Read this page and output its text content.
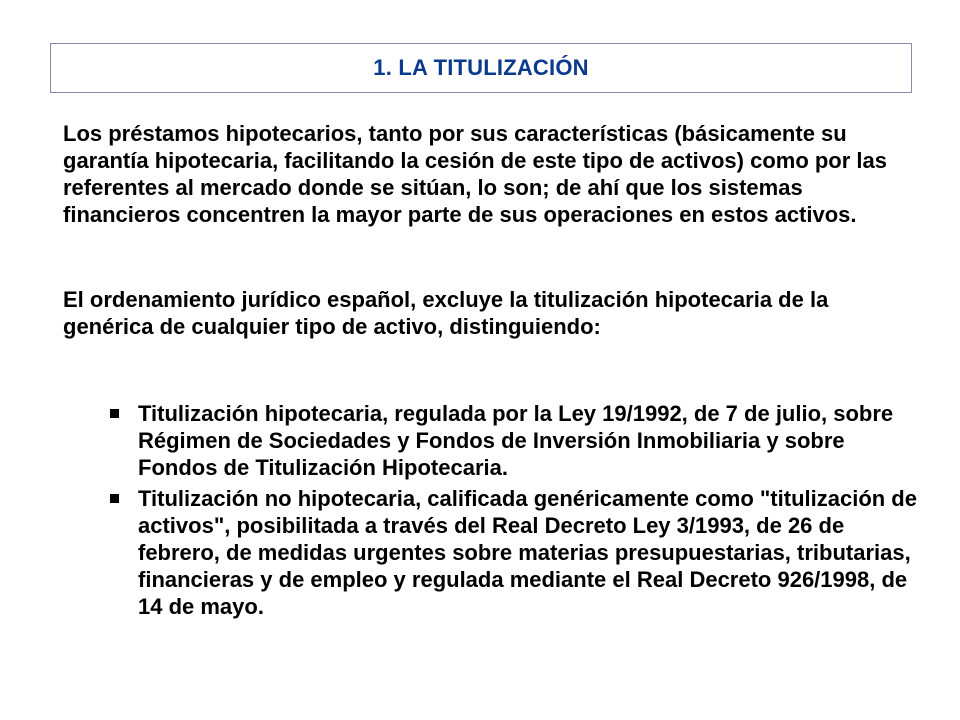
1. LA TITULIZACIÓN

Los préstamos hipotecarios, tanto por sus características (básicamente su garantía hipotecaria, facilitando la cesión de este tipo de activos) como por las referentes al mercado donde se sitúan, lo son; de ahí que los sistemas financieros concentren la mayor parte de sus operaciones en estos activos.

El ordenamiento jurídico español, excluye la titulización hipotecaria de la genérica de cualquier tipo de activo, distinguiendo:

Titulización hipotecaria, regulada por la Ley 19/1992, de 7 de julio, sobre Régimen de Sociedades y Fondos de Inversión Inmobiliaria y sobre Fondos de Titulización Hipotecaria.
Titulización no hipotecaria, calificada genéricamente como "titulización de activos", posibilitada a través del Real Decreto Ley 3/1993, de 26 de febrero, de medidas urgentes sobre materias presupuestarias, tributarias, financieras y de empleo y regulada mediante el Real Decreto 926/1998, de 14 de mayo.
